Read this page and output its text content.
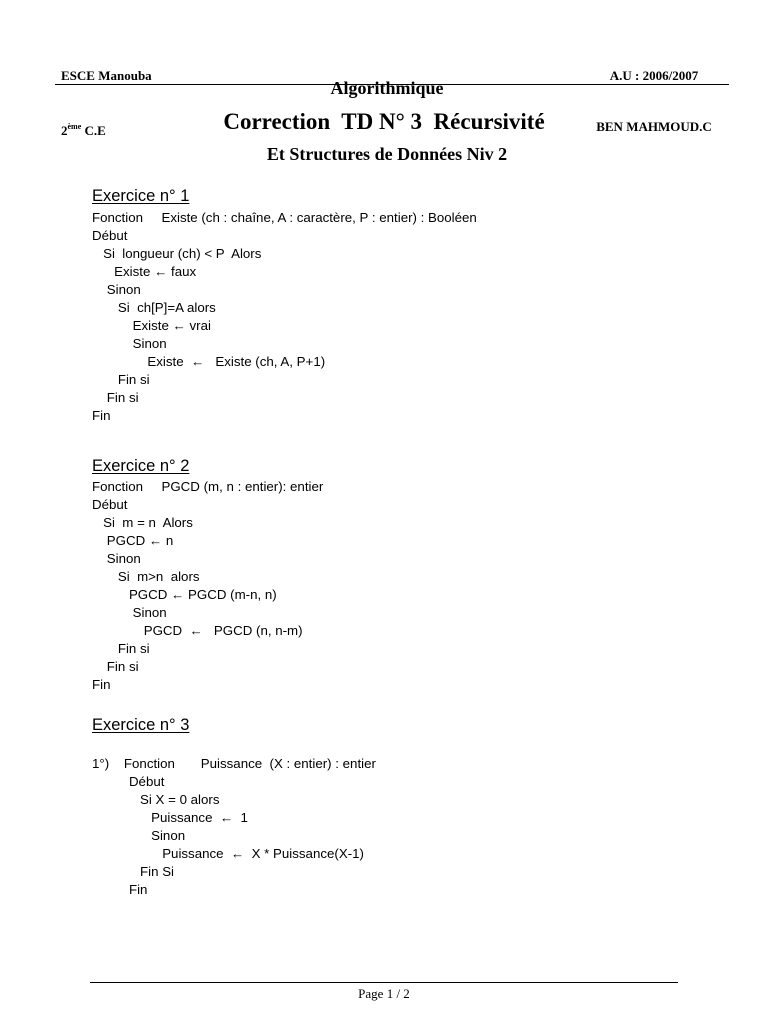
ESCE Manouba

2ème C.E

Algorithmique

Et Structures de Données Niv 2

A.U : 2006/2007

BEN MAHMOUD.C

Correction  TD N° 3  Récursivité
Exercice n° 1
Fonction     Existe (ch : chaîne, A : caractère, P : entier) : Booléen
Début
Si  longueur (ch) < P  Alors
Existe ← faux
Sinon
Si  ch[P]=A alors
Existe ← vrai
Sinon
Existe  ←   Existe (ch, A, P+1)
Fin si
Fin si
Fin
Exercice n° 2
Fonction     PGCD (m, n : entier): entier
Début
Si  m = n  Alors
PGCD ← n
Sinon
Si  m>n  alors
PGCD ← PGCD (m-n, n)
Sinon
PGCD  ←   PGCD (n, n-m)
Fin si
Fin si
Fin
Exercice n° 3
1°)    Fonction       Puissance  (X : entier) : entier
Début
Si X = 0 alors
Puissance  ←  1
Sinon
Puissance  ←  X * Puissance(X-1)
Fin Si
Fin
Page 1 / 2
